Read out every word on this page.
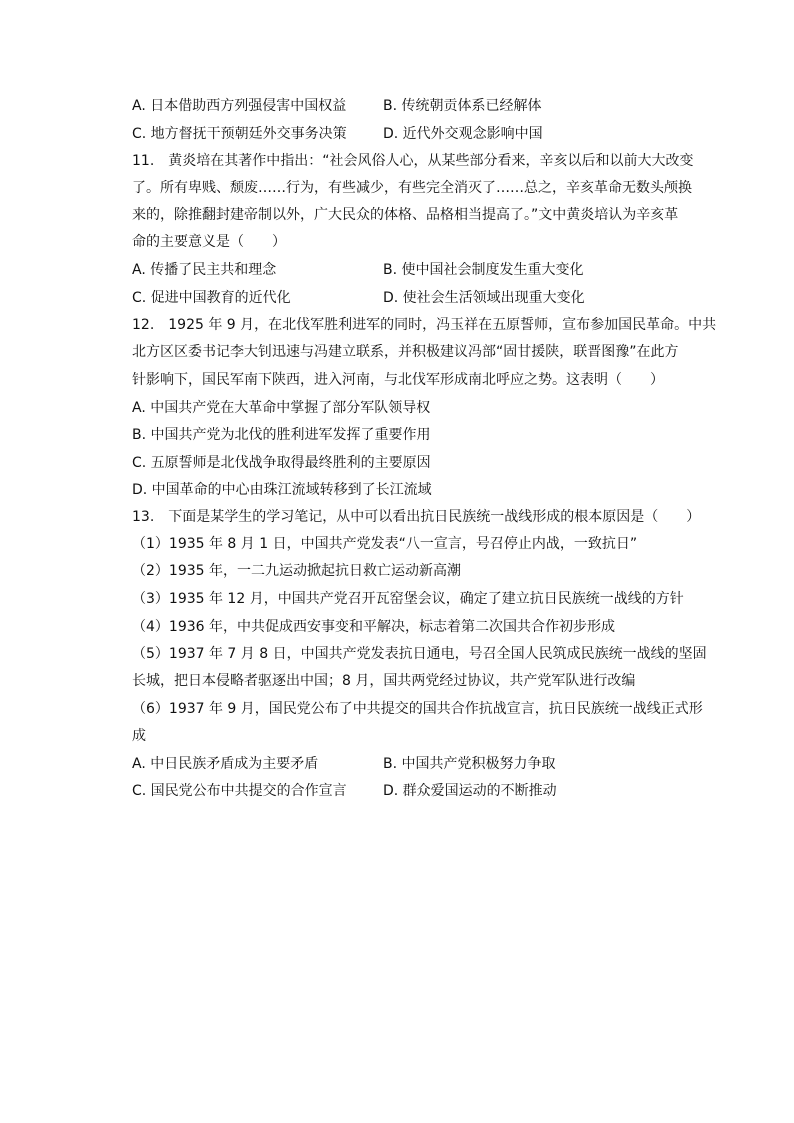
A. 日本借助西方列强侵害中国权益	B. 传统朝贡体系已经解体
C. 地方督抚干预朝廷外交事务决策	D. 近代外交观念影响中国
11.　黄炎培在其著作中指出：“社会风俗人心，从某些部分看来，辛亥以后和以前大大改变
了。所有卑贱、颓废……行为，有些减少，有些完全消灭了……总之，辛亥革命无数头颅换
来的，除推翻封建帝制以外，广大民众的体格、品格相当提高了。”文中黄炎培认为辛亥革
命的主要意义是（　　）
A. 传播了民主共和理念	B. 使中国社会制度发生重大变化
C. 促进中国教育的近代化	D. 使社会生活领域出现重大变化
12.　1925 年 9 月，在北伐军胜利进军的同时，冯玉祥在五原誓师，宣布参加国民革命。中共
北方区区委书记李大钊迅速与冯建立联系，并积极建议冯部“固甘援陕，联晋图豫”在此方
针影响下，国民军南下陕西，进入河南，与北伐军形成南北呼应之势。这表明（　　）
A. 中国共产党在大革命中掌握了部分军队领导权
B. 中国共产党为北伐的胜利进军发挥了重要作用
C. 五原誓师是北伐战争取得最终胜利的主要原因
D. 中国革命的中心由珠江流域转移到了长江流域
13.　下面是某学生的学习笔记，从中可以看出抗日民族统一战线形成的根本原因是（　　）
（1）1935 年 8 月 1 日，中国共产党发表“八一宣言，号召停止内战，一致抗日”
（2）1935 年，一二九运动掀起抗日救亡运动新高潮
（3）1935 年 12 月，中国共产党召开瓦窑堡会议，确定了建立抗日民族统一战线的方针
（4）1936 年，中共促成西安事变和平解决，标志着第二次国共合作初步形成
（5）1937 年 7 月 8 日，中国共产党发表抗日通电，号召全国人民筑成民族统一战线的坚固
长城，把日本侵略者驱逐出中国；8 月，国共两党经过协议，共产党军队进行改编
（6）1937 年 9 月，国民党公布了中共提交的国共合作抗战宣言，抗日民族统一战线正式形
成
A. 中日民族矛盾成为主要矛盾	B. 中国共产党积极努力争取
C. 国民党公布中共提交的合作宣言	D. 群众爱国运动的不断推动
